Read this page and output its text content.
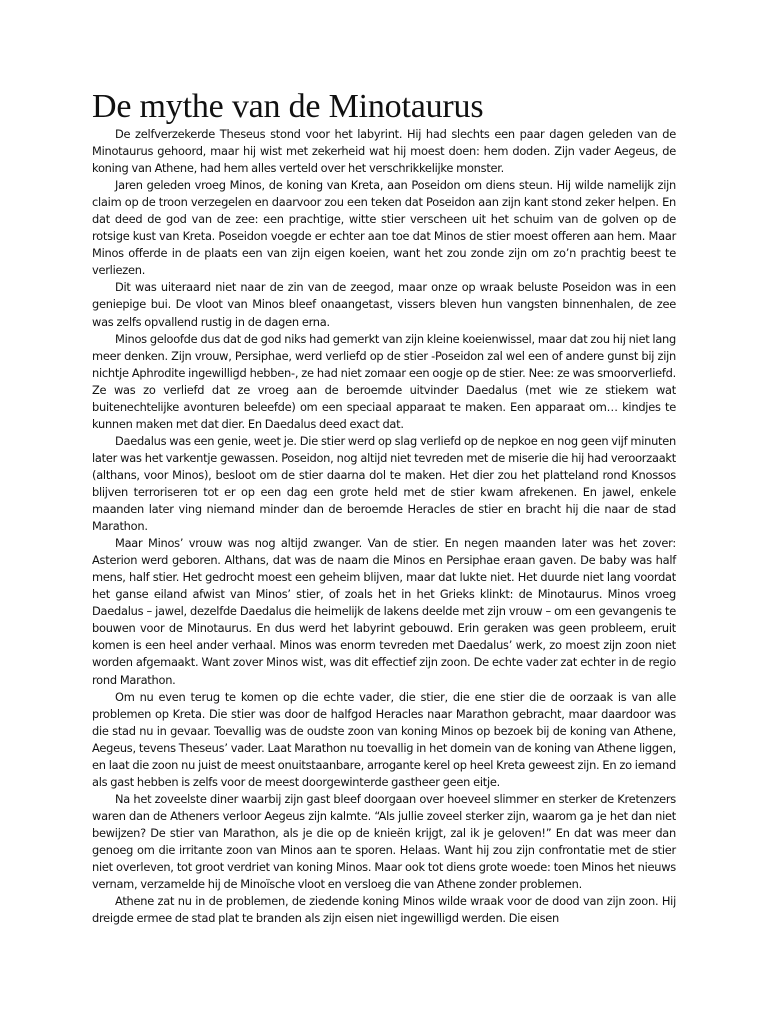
De mythe van de Minotaurus

De zelfverzekerde Theseus stond voor het labyrint. Hij had slechts een paar dagen geleden van de Minotaurus gehoord, maar hij wist met zekerheid wat hij moest doen: hem doden. Zijn vader Aegeus, de koning van Athene, had hem alles verteld over het verschrikkelijke monster.

Jaren geleden vroeg Minos, de koning van Kreta, aan Poseidon om diens steun. Hij wilde namelijk zijn claim op de troon verzegelen en daarvoor zou een teken dat Poseidon aan zijn kant stond zeker helpen. En dat deed de god van de zee: een prachtige, witte stier verscheen uit het schuim van de golven op de rotsige kust van Kreta. Poseidon voegde er echter aan toe dat Minos de stier moest offeren aan hem. Maar Minos offerde in de plaats een van zijn eigen koeien, want het zou zonde zijn om zo’n prachtig beest te verliezen.

Dit was uiteraard niet naar de zin van de zeegod, maar onze op wraak beluste Poseidon was in een geniepige bui. De vloot van Minos bleef onaangetast, vissers bleven hun vangsten binnenhalen, de zee was zelfs opvallend rustig in de dagen erna.

Minos geloofde dus dat de god niks had gemerkt van zijn kleine koeienwissel, maar dat zou hij niet lang meer denken. Zijn vrouw, Persiphae, werd verliefd op de stier -Poseidon zal wel een of andere gunst bij zijn nichtje Aphrodite ingewilligd hebben-, ze had niet zomaar een oogje op de stier. Nee: ze was smoorverliefd. Ze was zo verliefd dat ze vroeg aan de beroemde uitvinder Daedalus (met wie ze stiekem wat buitenechtelijke avonturen beleefde) om een speciaal apparaat te maken. Een apparaat om… kindjes te kunnen maken met dat dier. En Daedalus deed exact dat.

Daedalus was een genie, weet je. Die stier werd op slag verliefd op de nepkoe en nog geen vijf minuten later was het varkentje gewassen. Poseidon, nog altijd niet tevreden met de miserie die hij had veroorzaakt (althans, voor Minos), besloot om de stier daarna dol te maken. Het dier zou het platteland rond Knossos blijven terroriseren tot er op een dag een grote held met de stier kwam afrekenen. En jawel, enkele maanden later ving niemand minder dan de beroemde Heracles de stier en bracht hij die naar de stad Marathon.

Maar Minos’ vrouw was nog altijd zwanger. Van de stier. En negen maanden later was het zover: Asterion werd geboren. Althans, dat was de naam die Minos en Persiphae eraan gaven. De baby was half mens, half stier. Het gedrocht moest een geheim blijven, maar dat lukte niet. Het duurde niet lang voordat het ganse eiland afwist van Minos’ stier, of zoals het in het Grieks klinkt: de Minotaurus. Minos vroeg Daedalus – jawel, dezelfde Daedalus die heimelijk de lakens deelde met zijn vrouw – om een gevangenis te bouwen voor de Minotaurus. En dus werd het labyrint gebouwd. Erin geraken was geen probleem, eruit komen is een heel ander verhaal. Minos was enorm tevreden met Daedalus’ werk, zo moest zijn zoon niet worden afgemaakt. Want zover Minos wist, was dit effectief zijn zoon. De echte vader zat echter in de regio rond Marathon.

Om nu even terug te komen op die echte vader, die stier, die ene stier die de oorzaak is van alle problemen op Kreta. Die stier was door de halfgod Heracles naar Marathon gebracht, maar daardoor was die stad nu in gevaar. Toevallig was de oudste zoon van koning Minos op bezoek bij de koning van Athene, Aegeus, tevens Theseus’ vader. Laat Marathon nu toevallig in het domein van de koning van Athene liggen, en laat die zoon nu juist de meest onuitstaanbare, arrogante kerel op heel Kreta geweest zijn. En zo iemand als gast hebben is zelfs voor de meest doorgewinterde gastheer geen eitje.

Na het zoveelste diner waarbij zijn gast bleef doorgaan over hoeveel slimmer en sterker de Kretenzers waren dan de Atheners verloor Aegeus zijn kalmte. “Als jullie zoveel sterker zijn, waarom ga je het dan niet bewijzen? De stier van Marathon, als je die op de knieën krijgt, zal ik je geloven!” En dat was meer dan genoeg om die irritante zoon van Minos aan te sporen. Helaas. Want hij zou zijn confrontatie met de stier niet overleven, tot groot verdriet van koning Minos. Maar ook tot diens grote woede: toen Minos het nieuws vernam, verzamelde hij de Minoïsche vloot en versloeg die van Athene zonder problemen.

Athene zat nu in de problemen, de ziedende koning Minos wilde wraak voor de dood van zijn zoon. Hij dreigde ermee de stad plat te branden als zijn eisen niet ingewilligd werden. Die eisen
